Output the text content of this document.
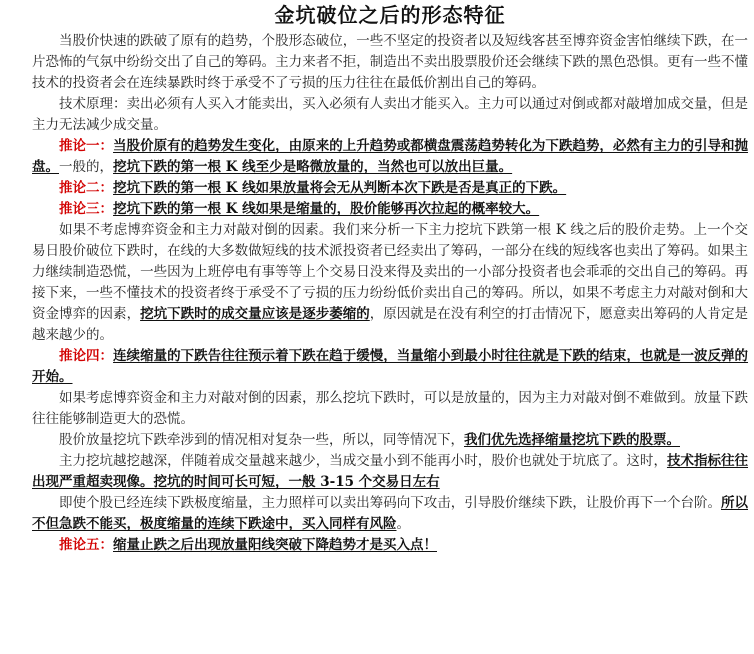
金坑破位之后的形态特征

当股价快速的跌破了原有的趋势，个股形态破位，一些不坚定的投资者以及短线客甚至博弈资金害怕继续下跌，在一片恐怖的气氛中纷纷交出了自己的筹码。主力来者不拒，制造出不卖出股票股价还会继续下跌的黑色恐惧。更有一些不懂技术的投资者会在连续暴跌时终于承受不了亏损的压力往往在最低价割出自己的筹码。

技术原理：卖出必须有人买入才能卖出，买入必须有人卖出才能买入。主力可以通过对倒或都对敲增加成交量，但是主力无法减少成交量。

推论一：当股价原有的趋势发生变化，由原来的上升趋势或都横盘震荡趋势转化为下跌趋势，必然有主力的引导和抛盘。一般的，挖坑下跌的第一根 K 线至少是略微放量的，当然也可以放出巨量。

推论二：挖坑下跌的第一根 K 线如果放量将会无从判断本次下跌是否是真正的下跌。

推论三：挖坑下跌的第一根 K 线如果是缩量的，股价能够再次拉起的概率较大。

如果不考虑博弈资金和主力对敲对倒的因素。我们来分析一下主力挖坑下跌第一根 K 线之后的股价走势。上一个交易日股价破位下跌时，在线的大多数做短线的技术派投资者已经卖出了筹码，一部分在线的短线客也卖出了筹码。如果主力继续制造恐慌，一些因为上班停电有事等等上个交易日没来得及卖出的一小部分投资者也会乖乖的交出自己的筹码。再接下来，一些不懂技术的投资者终于承受不了亏损的压力纷纷低价卖出自己的筹码。所以，如果不考虑主力对敲对倒和大资金博弈的因素，挖坑下跌时的成交量应该是逐步萎缩的，原因就是在没有利空的打击情况下，愿意卖出筹码的人肯定是越来越少的。

推论四：连续缩量的下跌告往往预示着下跌在趋于缓慢，当量缩小到最小时往往就是下跌的结束，也就是一波反弹的开始。

如果考虑博弈资金和主力对敲对倒的因素，那么挖坑下跌时，可以是放量的，因为主力对敲对倒不难做到。放量下跌往往能够制造更大的恐慌。

股价放量挖坑下跌牵涉到的情况相对复杂一些，所以，同等情况下，我们优先选择缩量挖坑下跌的股票。

主力挖坑越挖越深，伴随着成交量越来越少，当成交量小到不能再小时，股价也就处于坑底了。这时，技术指标往往出现严重超卖现像。挖坑的时间可长可短，一般 3-15 个交易日左右

即使个股已经连续下跌极度缩量，主力照样可以卖出筹码向下攻击，引导股价继续下跌，让股价再下一个台阶。所以不但急跌不能买，极度缩量的连续下跌途中，买入同样有风险。

推论五：缩量止跌之后出现放量阳线突破下降趋势才是买入点！
